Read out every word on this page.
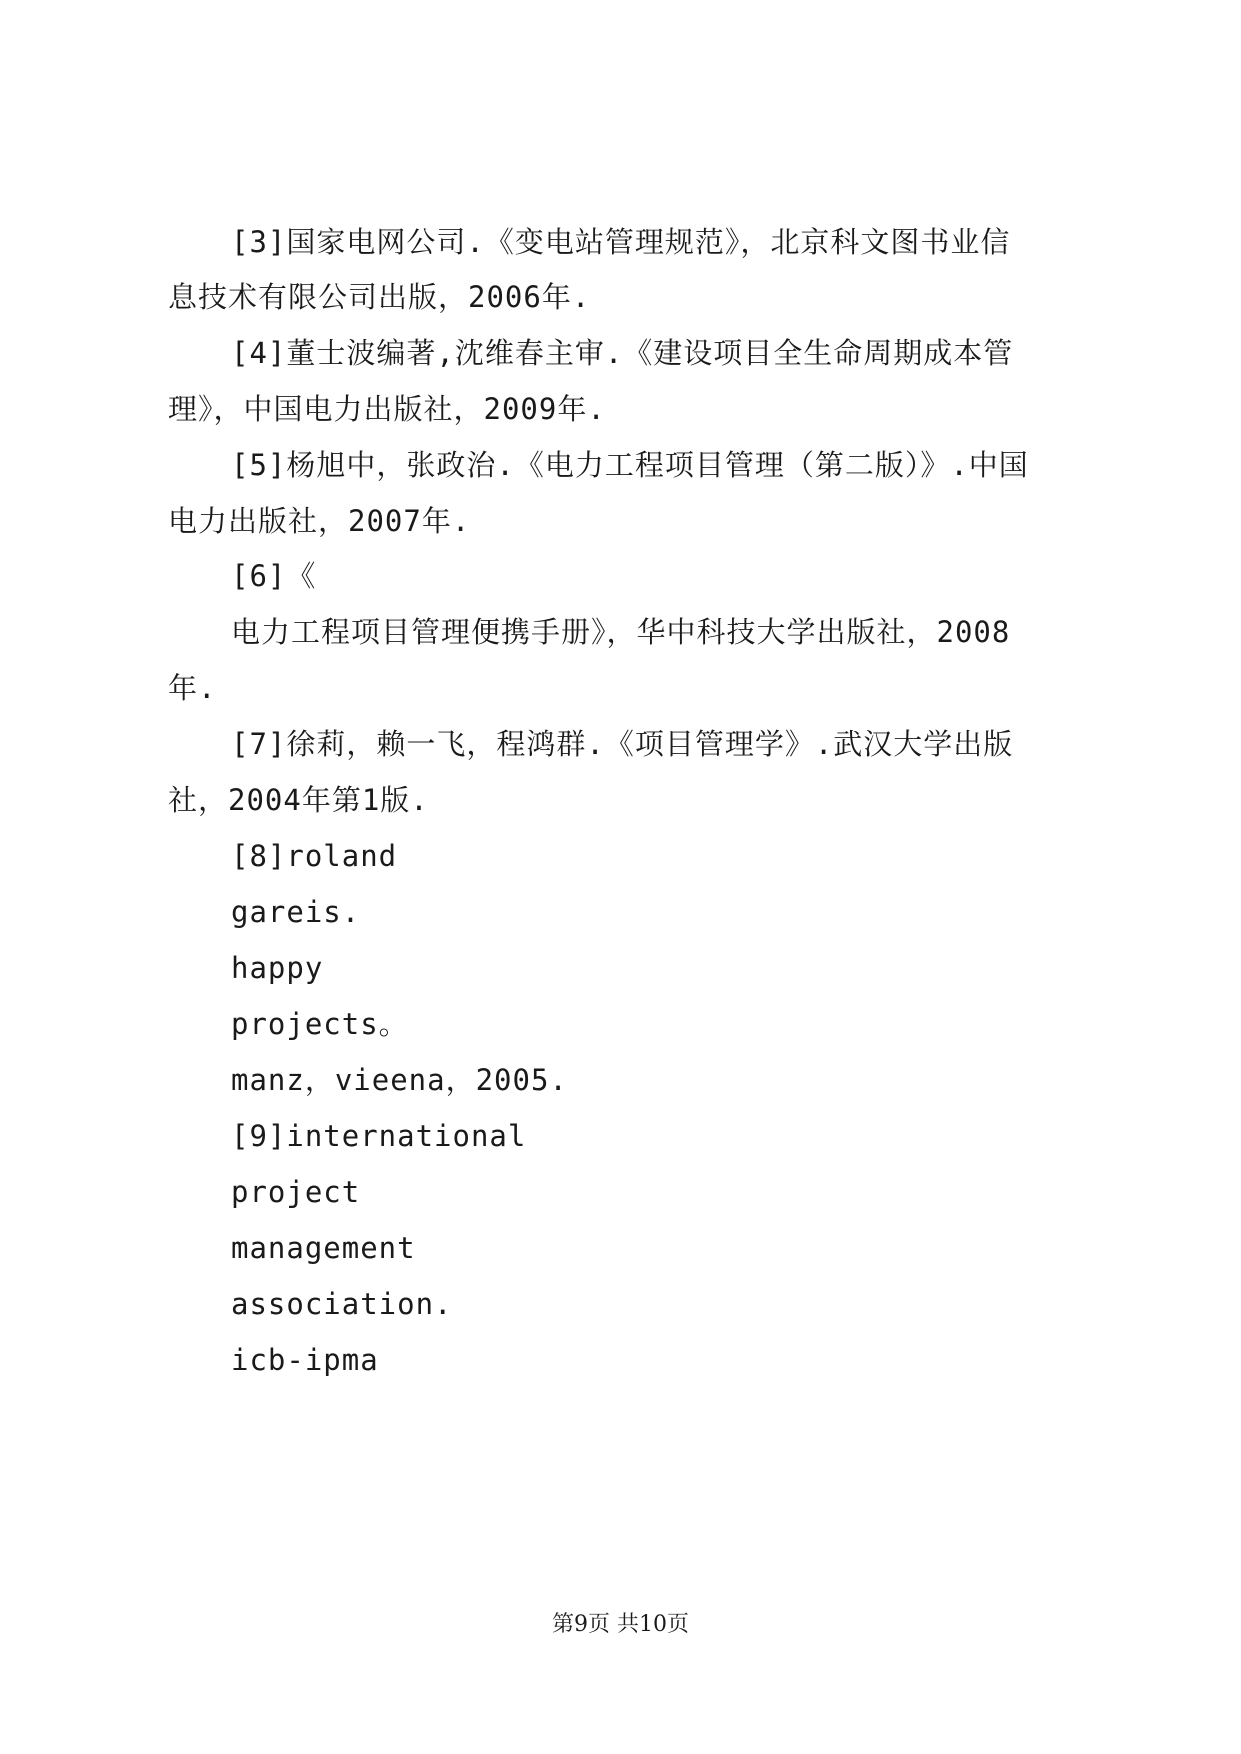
[3]国家电网公司.《变电站管理规范》，北京科文图书业信
息技术有限公司出版，2006年.
[4]董士波编著,沈维春主审.《建设项目全生命周期成本管
理》，中国电力出版社，2009年.
[5]杨旭中，张政治.《电力工程项目管理（第二版）》.中国
电力出版社，2007年.
[6]《
电力工程项目管理便携手册》，华中科技大学出版社，2008
年.
[7]徐莉，赖一飞，程鸿群.《项目管理学》.武汉大学出版
社，2004年第1版.
[8]roland
gareis.
happy
projects。
manz，vieena，2005.
[9]international
project
management
association.
icb-ipma
第9页 共10页
